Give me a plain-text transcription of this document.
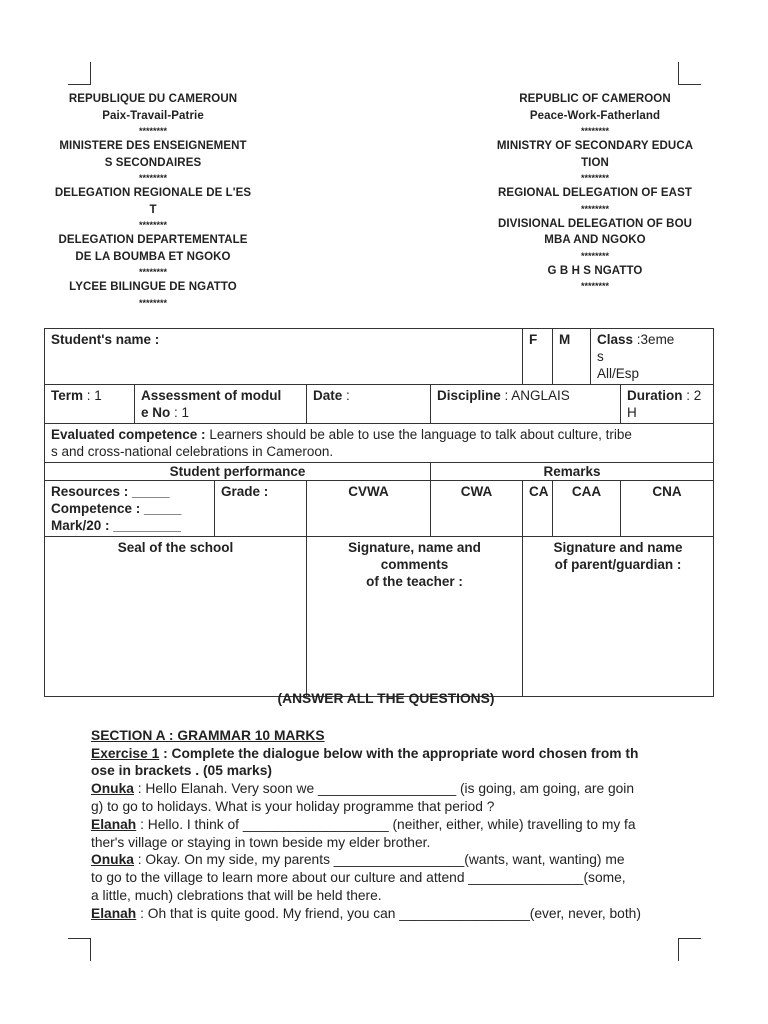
REPUBLIQUE DU CAMEROUN
Paix-Travail-Patrie
********
MINISTERE DES ENSEIGNEMENT
S SECONDAIRES
********
DELEGATION REGIONALE DE L'ES
T
********
DELEGATION DEPARTEMENTALE
DE LA BOUMBA ET NGOKO
********
LYCEE BILINGUE DE NGATTO
********
REPUBLIC OF CAMEROON
Peace-Work-Fatherland
********
MINISTRY OF SECONDARY EDUCA
TION
********
REGIONAL DELEGATION OF EAST
********
DIVISIONAL DELEGATION OF BOU
MBA AND NGOKO
********
G B H S NGATTO
********
Student's name :					F	M	Class :3eme
s
All/Esp	
Term : 1	Assessment of modul
e No : 1		Date :	Discipline : ANGLAIS				Duration : 2
H
Evaluated competence : Learners should be able to use the language to talk about culture, tribe
s and cross-national celebrations in Cameroon.								
Student performance				Remarks				
Resources : _____
Competence : _____
Mark/20 : _________		Grade :	CVWA	CWA	CA	CAA		CNA
Seal of the school			Signature, name and comments
of the teacher :		Signature and name
of parent/guardian :			
(ANSWER ALL THE QUESTIONS)
SECTION A : GRAMMAR 10 MARKS
Exercise 1 : Complete the dialogue below with the appropriate word chosen from th
ose in brackets . (05 marks)
Onuka : Hello Elanah. Very soon we __________________ (is going, am going, are goin
g) to go to holidays. What is your holiday programme that period ?
Elanah : Hello. I think of ___________________ (neither, either, while) travelling to my fa
ther's village or staying in town beside my elder brother.
Onuka : Okay. On my side, my parents _________________(wants, want, wanting) me
to go to the village to learn more about our culture and attend _______________(some,
a little, much) clebrations that will be held there.
Elanah : Oh that is quite good. My friend, you can _________________(ever, never, both)
